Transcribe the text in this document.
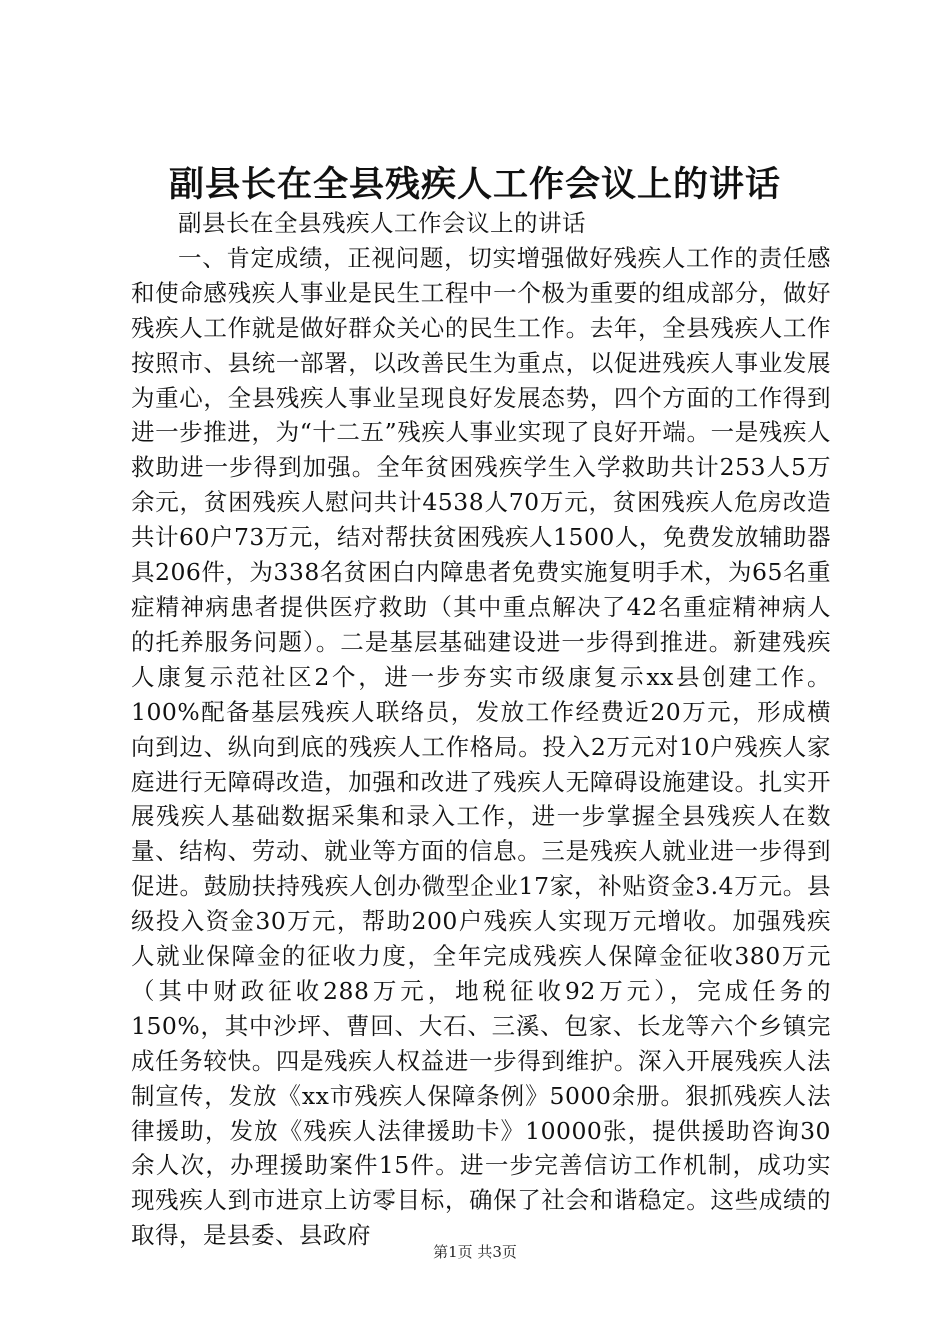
副县长在全县残疾人工作会议上的讲话

副县长在全县残疾人工作会议上的讲话

一、肯定成绩，正视问题，切实增强做好残疾人工作的责任感和使命感残疾人事业是民生工程中一个极为重要的组成部分，做好残疾人工作就是做好群众关心的民生工作。去年，全县残疾人工作按照市、县统一部署，以改善民生为重点，以促进残疾人事业发展为重心，全县残疾人事业呈现良好发展态势，四个方面的工作得到进一步推进，为“十二五”残疾人事业实现了良好开端。一是残疾人救助进一步得到加强。全年贫困残疾学生入学救助共计253人5万余元，贫困残疾人慰问共计4538人70万元，贫困残疾人危房改造共计60户73万元，结对帮扶贫困残疾人1500人，免费发放辅助器具206件，为338名贫困白内障患者免费实施复明手术，为65名重症精神病患者提供医疗救助（其中重点解决了42名重症精神病人的托养服务问题）。二是基层基础建设进一步得到推进。新建残疾人康复示范社区2个，进一步夯实市级康复示xx县创建工作。100%配备基层残疾人联络员，发放工作经费近20万元，形成横向到边、纵向到底的残疾人工作格局。投入2万元对10户残疾人家庭进行无障碍改造，加强和改进了残疾人无障碍设施建设。扎实开展残疾人基础数据采集和录入工作，进一步掌握全县残疾人在数量、结构、劳动、就业等方面的信息。三是残疾人就业进一步得到促进。鼓励扶持残疾人创办微型企业17家，补贴资金3.4万元。县级投入资金30万元，帮助200户残疾人实现万元增收。加强残疾人就业保障金的征收力度，全年完成残疾人保障金征收380万元（其中财政征收288万元，地税征收92万元），完成任务的150%，其中沙坪、曹回、大石、三溪、包家、长龙等六个乡镇完成任务较快。四是残疾人权益进一步得到维护。深入开展残疾人法制宣传，发放《xx市残疾人保障条例》5000余册。狠抓残疾人法律援助，发放《残疾人法律援助卡》10000张，提供援助咨询30余人次，办理援助案件15件。进一步完善信访工作机制，成功实现残疾人到市进京上访零目标，确保了社会和谐稳定。这些成绩的取得，是县委、县政府

第1页 共3页
